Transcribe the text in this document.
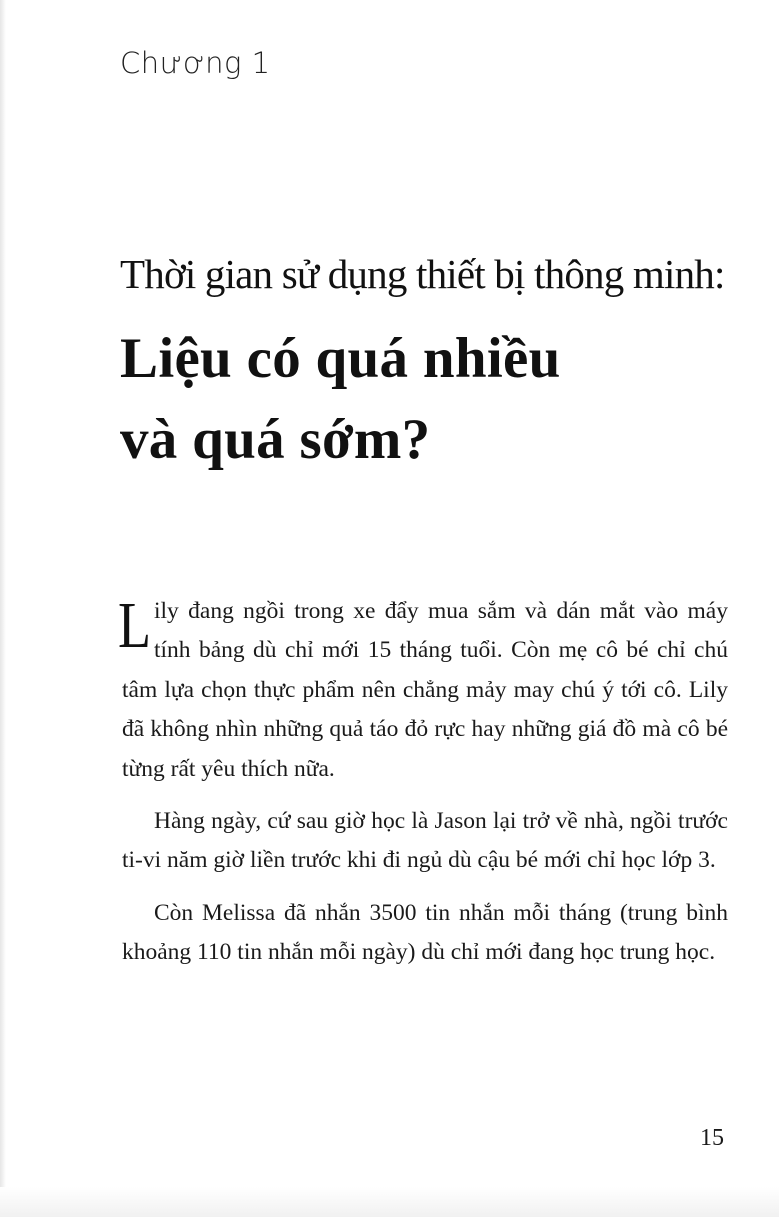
Chương 1

Thời gian sử dụng thiết bị thông minh:

Liệu có quá nhiều
và quá sớm?

Lily đang ngồi trong xe đẩy mua sắm và dán mắt vào máy tính bảng dù chỉ mới 15 tháng tuổi. Còn mẹ cô bé chỉ chú tâm lựa chọn thực phẩm nên chẳng mảy may chú ý tới cô. Lily đã không nhìn những quả táo đỏ rực hay những giá đồ mà cô bé từng rất yêu thích nữa.

Hàng ngày, cứ sau giờ học là Jason lại trở về nhà, ngồi trước ti-vi năm giờ liền trước khi đi ngủ dù cậu bé mới chỉ học lớp 3.

Còn Melissa đã nhắn 3500 tin nhắn mỗi tháng (trung bình khoảng 110 tin nhắn mỗi ngày) dù chỉ mới đang học trung học.

15
